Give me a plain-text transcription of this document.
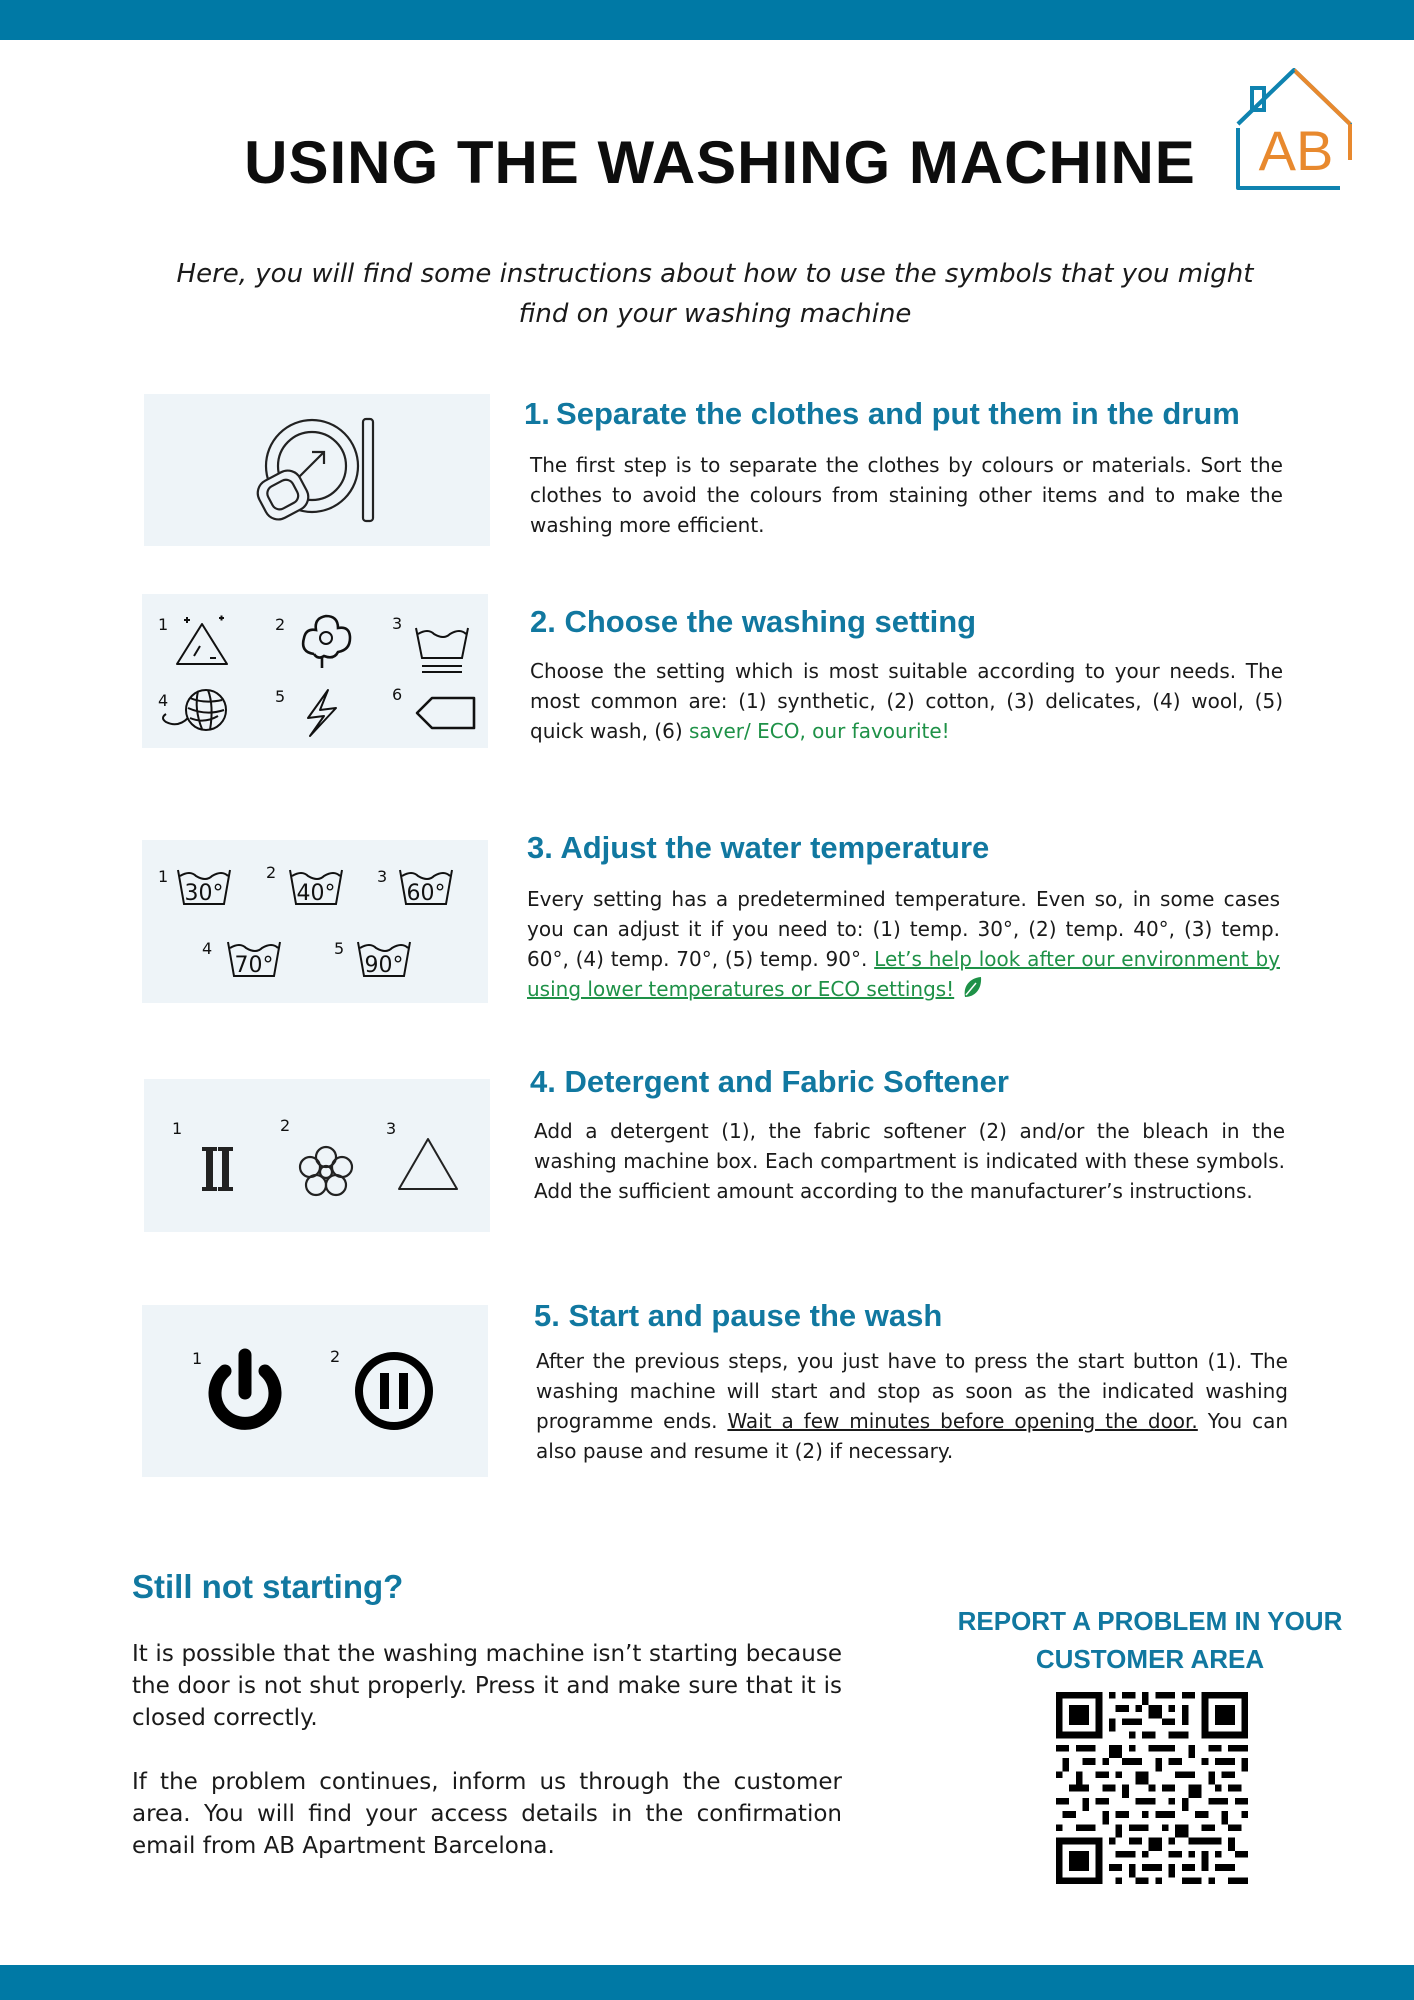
AB
USING THE WASHING MACHINE

Here, you will find some instructions about how to use the symbols that you might find on your washing machine

1. Separate the clothes and put them in the drum

The first step is to separate the clothes by colours or materials. Sort the clothes to avoid the colours from staining other items and to make the washing more efficient.

1	2	3
4	5	6
2. Choose the washing setting

Choose the setting which is most suitable according to your needs. The most common are: (1) synthetic, (2) cotton, (3) delicates, (4) wool, (5) quick wash, (6) saver/ ECO, our favourite!

1	2	3
4	5
30°	40°	60°
70°	90°
3. Adjust the water temperature

Every setting has a predetermined temperature. Even so, in some cases you can adjust it if you need to: (1) temp. 30°, (2) temp. 40°, (3) temp. 60°, (4) temp. 70°, (5) temp. 90°. Let’s help look after our environment by using lower temperatures or ECO settings!

1	2	3
4. Detergent and Fabric Softener

Add a detergent (1), the fabric softener (2) and/or the bleach in the washing machine box. Each compartment is indicated with these symbols. Add the sufficient amount according to the manufacturer’s instructions.

1	2
5. Start and pause the wash

After the previous steps, you just have to press the start button (1). The washing machine will start and stop as soon as the indicated washing programme ends. Wait a few minutes before opening the door. You can also pause and resume it (2) if necessary.

Still not starting?

It is possible that the washing machine isn’t starting because the door is not shut properly. Press it and make sure that it is closed correctly.

If the problem continues, inform us through the customer area. You will find your access details in the confirmation email from AB Apartment Barcelona.

REPORT A PROBLEM IN YOUR
CUSTOMER AREA
